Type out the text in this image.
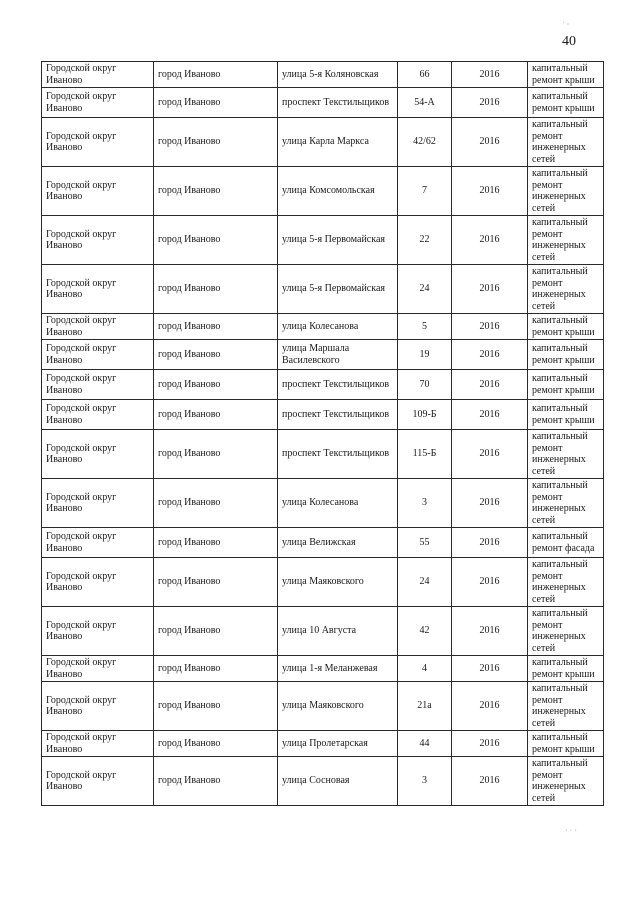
40
˙ ·
· · ·
Городской округ Иваново	город Иваново	улица 5-я Коляновская	66	2016	капитальный ремонт крыши
Городской округ Иваново	город Иваново	проспект Текстильщиков	54-А	2016	капитальный ремонт крыши
Городской округ Иваново	город Иваново	улица Карла Маркса	42/62	2016	капитальный ремонт инженерных сетей
Городской округ Иваново	город Иваново	улица Комсомольская	7	2016	капитальный ремонт инженерных сетей
Городской округ Иваново	город Иваново	улица 5-я Первомайская	22	2016	капитальный ремонт инженерных сетей
Городской округ Иваново	город Иваново	улица 5-я Первомайская	24	2016	капитальный ремонт инженерных сетей
Городской округ Иваново	город Иваново	улица Колесанова	5	2016	капитальный ремонт крыши
Городской округ Иваново	город Иваново	улица Маршала Василевского	19	2016	капитальный ремонт крыши
Городской округ Иваново	город Иваново	проспект Текстильщиков	70	2016	капитальный ремонт крыши
Городской округ Иваново	город Иваново	проспект Текстильщиков	109-Б	2016	капитальный ремонт крыши
Городской округ Иваново	город Иваново	проспект Текстильщиков	115-Б	2016	капитальный ремонт инженерных сетей
Городской округ Иваново	город Иваново	улица Колесанова	3	2016	капитальный ремонт инженерных сетей
Городской округ Иваново	город Иваново	улица Велижская	55	2016	капитальный ремонт фасада
Городской округ Иваново	город Иваново	улица Маяковского	24	2016	капитальный ремонт инженерных сетей
Городской округ Иваново	город Иваново	улица 10 Августа	42	2016	капитальный ремонт инженерных сетей
Городской округ Иваново	город Иваново	улица 1-я Меланжевая	4	2016	капитальный ремонт крыши
Городской округ Иваново	город Иваново	улица Маяковского	21а	2016	капитальный ремонт инженерных сетей
Городской округ Иваново	город Иваново	улица Пролетарская	44	2016	капитальный ремонт крыши
Городской округ Иваново	город Иваново	улица Сосновая	3	2016	капитальный ремонт инженерных сетей
